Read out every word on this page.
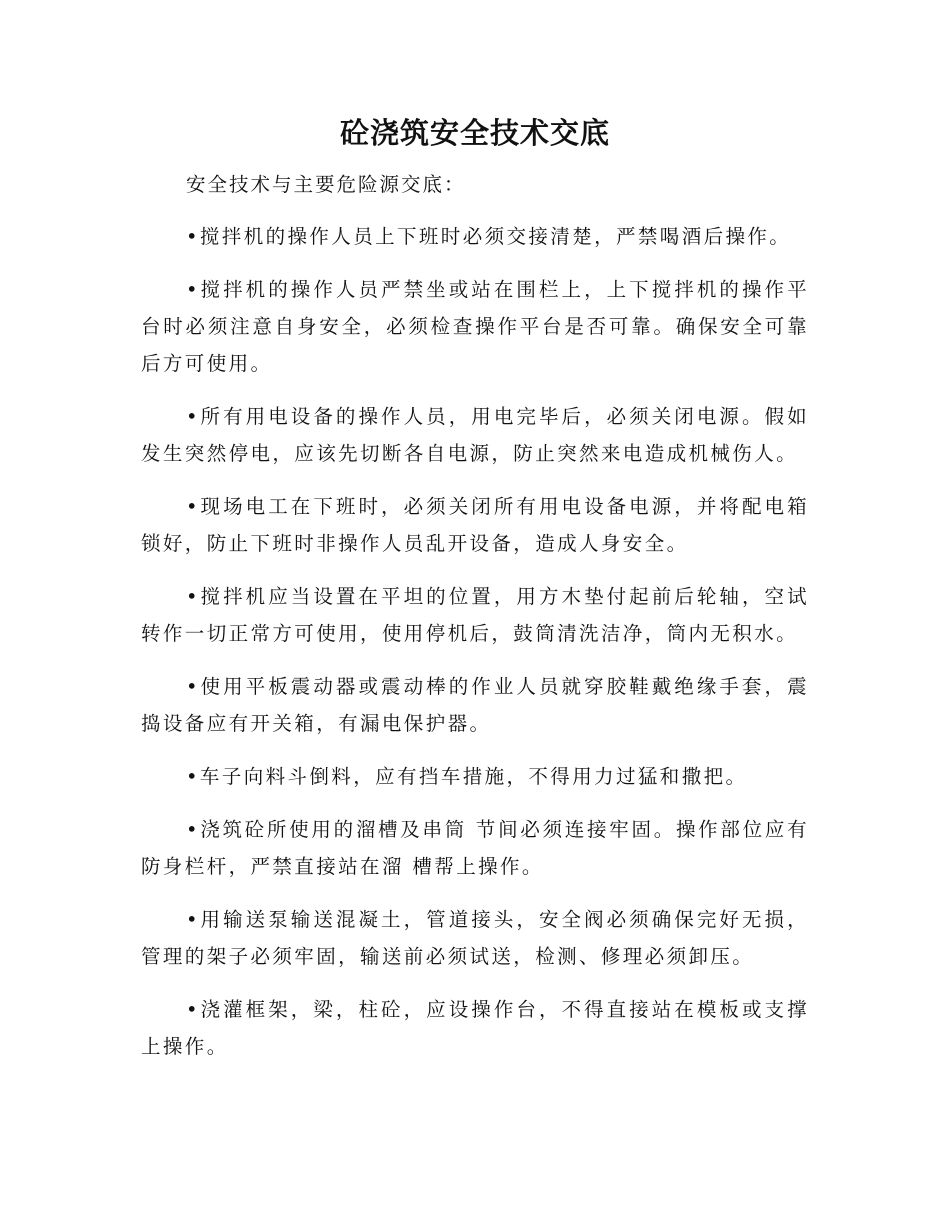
砼浇筑安全技术交底
安全技术与主要危险源交底：

•搅拌机的操作人员上下班时必须交接清楚，严禁喝酒后操作。

•搅拌机的操作人员严禁坐或站在围栏上，上下搅拌机的操作平台时必须注意自身安全，必须检查操作平台是否可靠。确保安全可靠后方可使用。

•所有用电设备的操作人员，用电完毕后，必须关闭电源。假如发生突然停电，应该先切断各自电源，防止突然来电造成机械伤人。

•现场电工在下班时，必须关闭所有用电设备电源，并将配电箱锁好，防止下班时非操作人员乱开设备，造成人身安全。

•搅拌机应当设置在平坦的位置，用方木垫付起前后轮轴，空试转作一切正常方可使用，使用停机后，鼓筒清洗洁净，筒内无积水。

•使用平板震动器或震动棒的作业人员就穿胶鞋戴绝缘手套，震捣设备应有开关箱，有漏电保护器。

•车子向料斗倒料，应有挡车措施，不得用力过猛和撒把。

•浇筑砼所使用的溜槽及串筒 节间必须连接牢固。操作部位应有防身栏杆，严禁直接站在溜 槽帮上操作。

•用输送泵输送混凝土，管道接头，安全阀必须确保完好无损，管理的架子必须牢固，输送前必须试送，检测、修理必须卸压。

•浇灌框架，梁，柱砼，应设操作台，不得直接站在模板或支撑上操作。
